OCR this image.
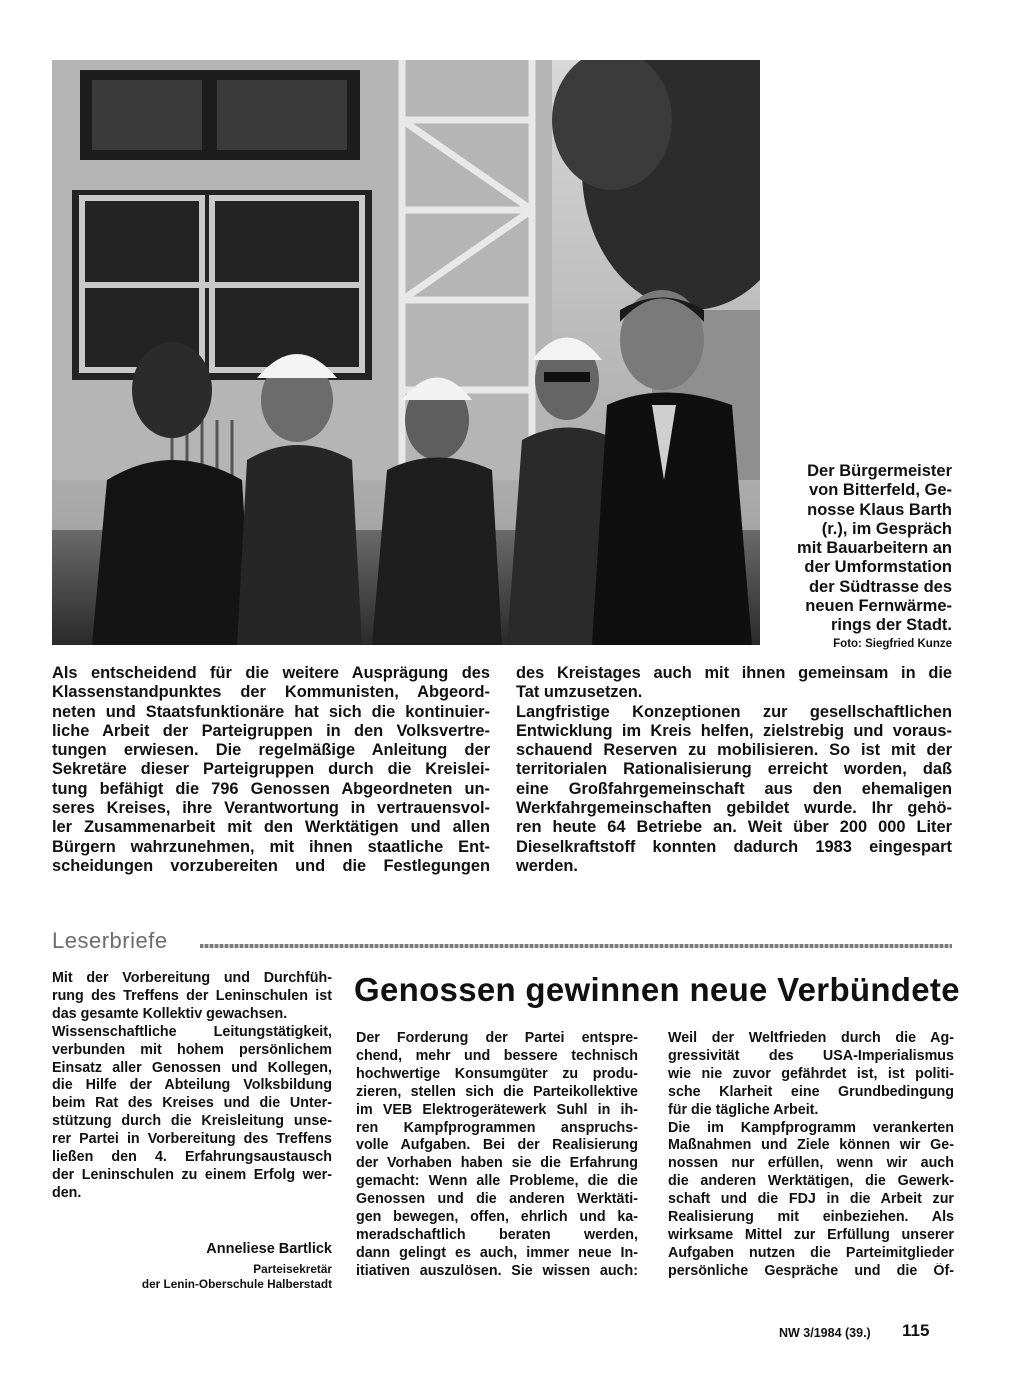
Der Bürgermeister
von Bitterfeld, Ge-
nosse Klaus Barth
(r.), im Gespräch
mit Bauarbeitern an
der Umformstation
der Südtrasse des
neuen Fernwärme-
rings der Stadt.
Foto: Siegfried Kunze
Als entscheidend für die weitere Ausprägung des
Klassenstandpunktes der Kommunisten, Abgeord-
neten und Staatsfunktionäre hat sich die kontinuier-
liche Arbeit der Parteigruppen in den Volksvertre-
tungen erwiesen. Die regelmäßige Anleitung der
Sekretäre dieser Parteigruppen durch die Kreislei-
tung befähigt die 796 Genossen Abgeordneten un-
seres Kreises, ihre Verantwortung in vertrauensvol-
ler Zusammenarbeit mit den Werktätigen und allen
Bürgern wahrzunehmen, mit ihnen staatliche Ent-
scheidungen vorzubereiten und die Festlegungen
des Kreistages auch mit ihnen gemeinsam in die
Tat umzusetzen.
Langfristige Konzeptionen zur gesellschaftlichen
Entwicklung im Kreis helfen, zielstrebig und voraus-
schauend Reserven zu mobilisieren. So ist mit der
territorialen Rationalisierung erreicht worden, daß
eine Großfahrgemeinschaft aus den ehemaligen
Werkfahrgemeinschaften gebildet wurde. Ihr gehö-
ren heute 64 Betriebe an. Weit über 200 000 Liter
Dieselkraftstoff konnten dadurch 1983 eingespart
werden.
Leserbriefe
Mit der Vorbereitung und Durchfüh-
rung des Treffens der Leninschulen ist
das gesamte Kollektiv gewachsen.
Wissenschaftliche Leitungstätigkeit,
verbunden mit hohem persönlichem
Einsatz aller Genossen und Kollegen,
die Hilfe der Abteilung Volksbildung
beim Rat des Kreises und die Unter-
stützung durch die Kreisleitung unse-
rer Partei in Vorbereitung des Treffens
ließen den 4. Erfahrungsaustausch
der Leninschulen zu einem Erfolg wer-
den.
Anneliese Bartlick
Parteisekretär
der Lenin-Oberschule Halberstadt
Genossen gewinnen neue Verbündete
Der Forderung der Partei entspre-
chend, mehr und bessere technisch
hochwertige Konsumgüter zu produ-
zieren, stellen sich die Parteikollektive
im VEB Elektrogerätewerk Suhl in ih-
ren Kampfprogrammen anspruchs-
volle Aufgaben. Bei der Realisierung
der Vorhaben haben sie die Erfahrung
gemacht: Wenn alle Probleme, die die
Genossen und die anderen Werktäti-
gen bewegen, offen, ehrlich und ka-
meradschaftlich beraten werden,
dann gelingt es auch, immer neue In-
itiativen auszulösen. Sie wissen auch:
Weil der Weltfrieden durch die Ag-
gressivität des USA-Imperialismus
wie nie zuvor gefährdet ist, ist politi-
sche Klarheit eine Grundbedingung
für die tägliche Arbeit.
Die im Kampfprogramm verankerten
Maßnahmen und Ziele können wir Ge-
nossen nur erfüllen, wenn wir auch
die anderen Werktätigen, die Gewerk-
schaft und die FDJ in die Arbeit zur
Realisierung mit einbeziehen. Als
wirksame Mittel zur Erfüllung unserer
Aufgaben nutzen die Parteimitglieder
persönliche Gespräche und die Öf-
NW 3/1984 (39.) 115
